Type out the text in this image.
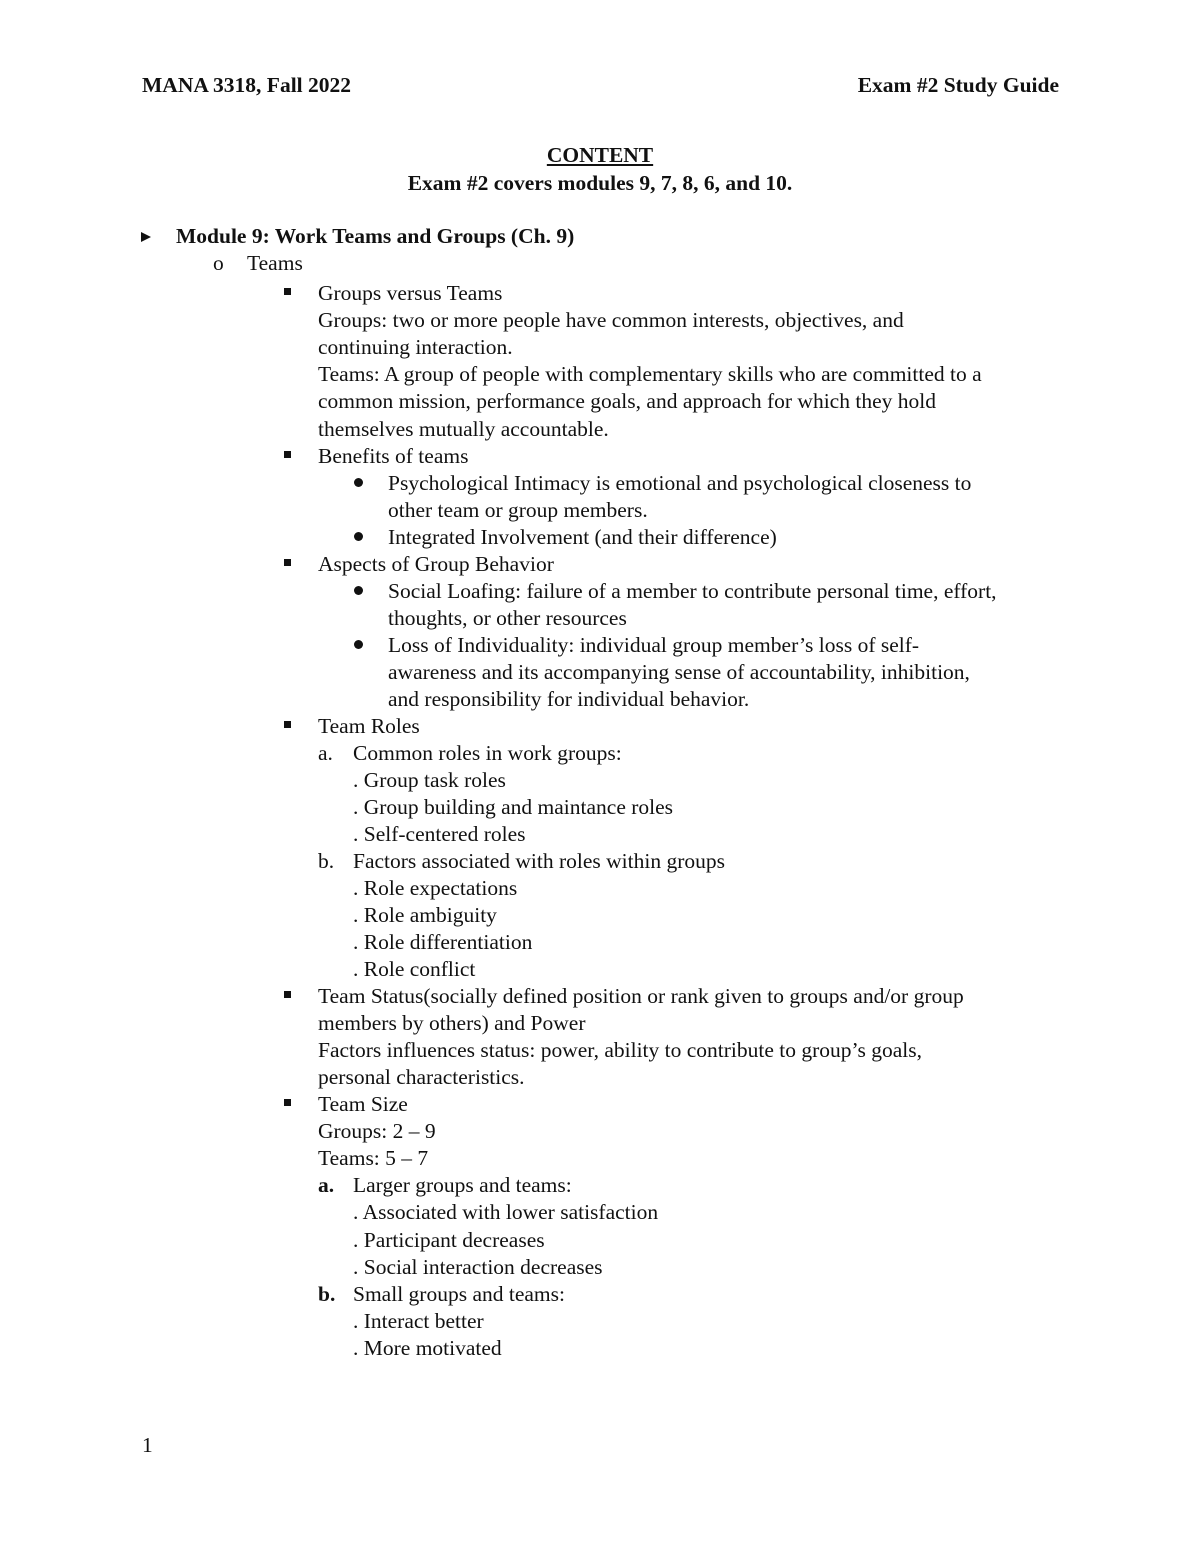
MANA 3318, Fall 2022	Exam #2 Study Guide
CONTENT
Exam #2 covers modules 9, 7, 8, 6, and 10.
Module 9: Work Teams and Groups (Ch. 9)
o Teams
Groups versus Teams
Groups: two or more people have common interests, objectives, and
continuing interaction.
Teams: A group of people with complementary skills who are committed to a
common mission, performance goals, and approach for which they hold
themselves mutually accountable.
Benefits of teams
Psychological Intimacy is emotional and psychological closeness to
other team or group members.
Integrated Involvement (and their difference)
Aspects of Group Behavior
Social Loafing: failure of a member to contribute personal time, effort,
thoughts, or other resources
Loss of Individuality: individual group member’s loss of self-
awareness and its accompanying sense of accountability, inhibition,
and responsibility for individual behavior.
Team Roles
a. Common roles in work groups:
. Group task roles
. Group building and maintance roles
. Self-centered roles
b. Factors associated with roles within groups
. Role expectations
. Role ambiguity
. Role differentiation
. Role conflict
Team Status(socially defined position or rank given to groups and/or group
members by others) and Power
Factors influences status: power, ability to contribute to group’s goals,
personal characteristics.
Team Size
Groups: 2 – 9
Teams: 5 – 7
a. Larger groups and teams:
. Associated with lower satisfaction
. Participant decreases
. Social interaction decreases
b. Small groups and teams:
. Interact better
. More motivated
1
